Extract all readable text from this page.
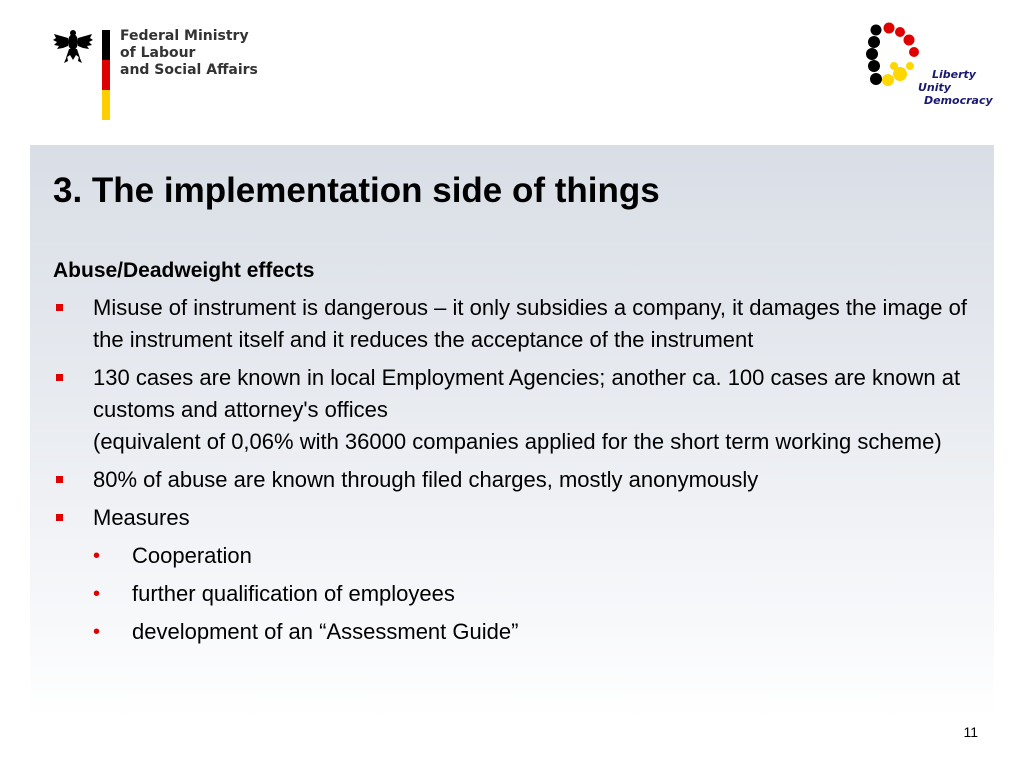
Federal Ministry
of Labour
and Social Affairs	Liberty
Unity
Democracy
3. The implementation side of things
Abuse/Deadweight effects
Misuse of instrument is dangerous – it only subsidies a company, it damages the image of the instrument itself and it reduces the acceptance of the instrument
130 cases are known in local Employment Agencies; another ca. 100 cases are known at customs and attorney's offices
(equivalent of 0,06% with 36000 companies applied for the short term working scheme)
80% of abuse are known through filed charges, mostly anonymously
Measures
• Cooperation
• further qualification of employees
• development of an “Assessment Guide”
11
